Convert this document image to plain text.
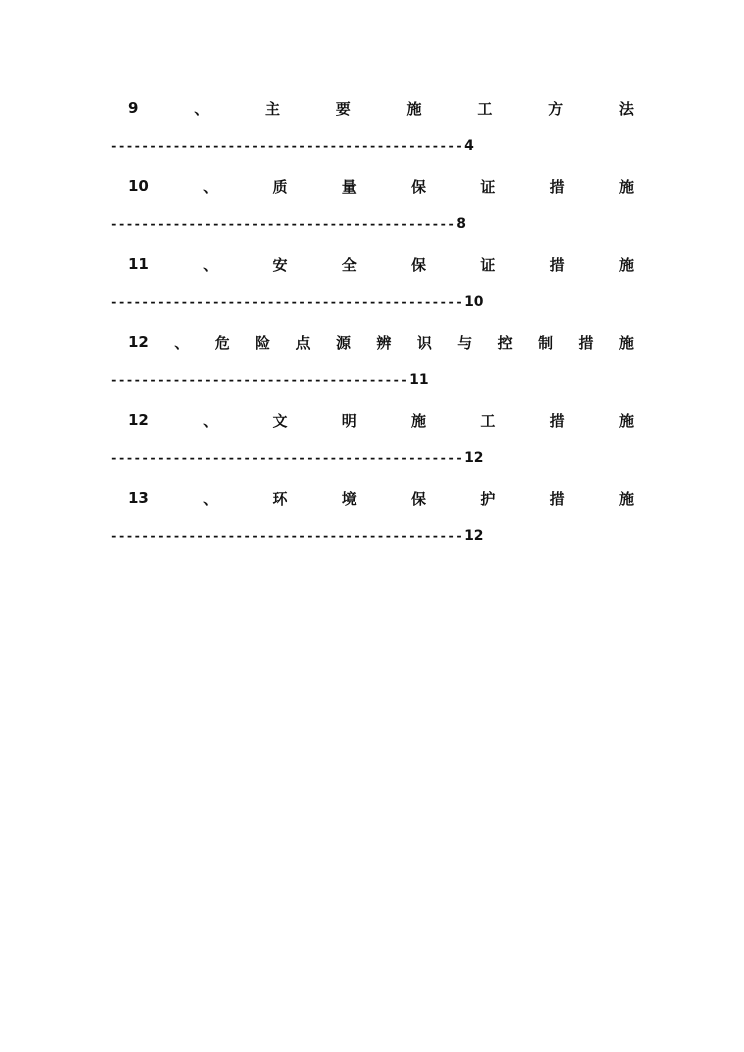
9	、	主	要	施	工	方	法
---------------------------------------------4
10	、	质	量	保	证	措	施
--------------------------------------------8
11	、	安	全	保	证	措	施
---------------------------------------------10
12 、 危 险 点 源 辨 识 与 控 制 措 施
--------------------------------------11
12	、	文	明	施	工	措	施
---------------------------------------------12
13	、	环	境	保	护	措	施
---------------------------------------------12
